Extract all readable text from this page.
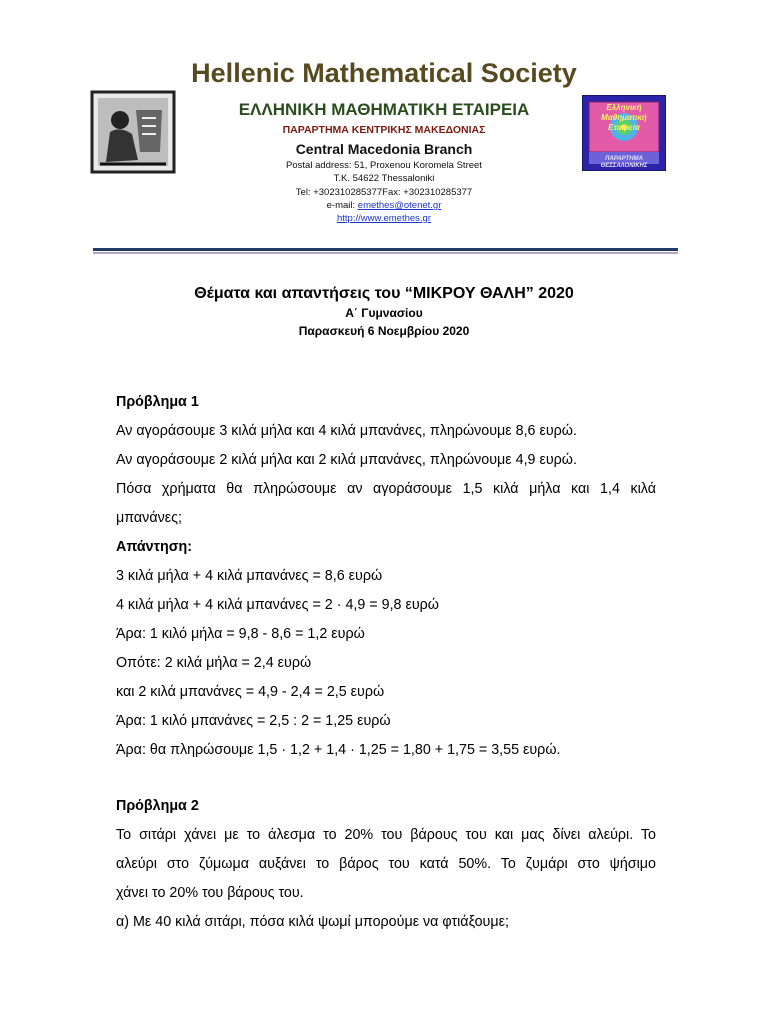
Ελληνική
Μαθηματική
Εταιρεία
ΠΑΡΑΡΤΗΜΑ
ΘΕΣΣΑΛΟΝΙΚΗΣ
Hellenic Mathematical Society
ΕΛΛΗΝΙΚΗ ΜΑΘΗΜΑΤΙΚΗ ΕΤΑΙΡΕΙΑ
ΠΑΡΑΡΤΗΜΑ ΚΕΝΤΡΙΚΗΣ ΜΑΚΕΔΟΝΙΑΣ
Central Macedonia Branch
Postal address: 51, Proxenou Koromela Street
T.K. 54622 Thessaloniki
Tel: +302310285377Fax: +302310285377
e-mail: emethes@otenet.gr
http://www.emethes.gr
Θέματα και απαντήσεις του “ΜΙΚΡΟΥ ΘΑΛΗ” 2020
Α΄ Γυμνασίου
Παρασκευή 6 Νοεμβρίου 2020
Πρόβλημα 1
Αν αγοράσουμε 3 κιλά μήλα και 4 κιλά μπανάνες, πληρώνουμε 8,6 ευρώ.
Αν αγοράσουμε 2 κιλά μήλα και 2 κιλά μπανάνες, πληρώνουμε 4,9 ευρώ.
Πόσα χρήματα θα πληρώσουμε αν αγοράσουμε 1,5 κιλά μήλα και 1,4 κιλά
μπανάνες;
Απάντηση:
3 κιλά μήλα + 4 κιλά μπανάνες = 8,6 ευρώ
4 κιλά μήλα + 4 κιλά μπανάνες = 2 · 4,9 = 9,8 ευρώ
Άρα: 1 κιλό μήλα = 9,8 - 8,6 = 1,2 ευρώ
Οπότε: 2 κιλά μήλα = 2,4 ευρώ
και 2 κιλά μπανάνες = 4,9 - 2,4 = 2,5 ευρώ
Άρα: 1 κιλό μπανάνες = 2,5 : 2 = 1,25 ευρώ
Άρα: θα πληρώσουμε 1,5 · 1,2 + 1,4 · 1,25 = 1,80 + 1,75 = 3,55 ευρώ.
Πρόβλημα 2
Το σιτάρι χάνει με το άλεσμα το 20% του βάρους του και μας δίνει αλεύρι. Το
αλεύρι στο ζύμωμα αυξάνει το βάρος του κατά 50%. Το ζυμάρι στο ψήσιμο
χάνει το 20% του βάρους του.
α) Με 40 κιλά σιτάρι, πόσα κιλά ψωμί μπορούμε να φτιάξουμε;
